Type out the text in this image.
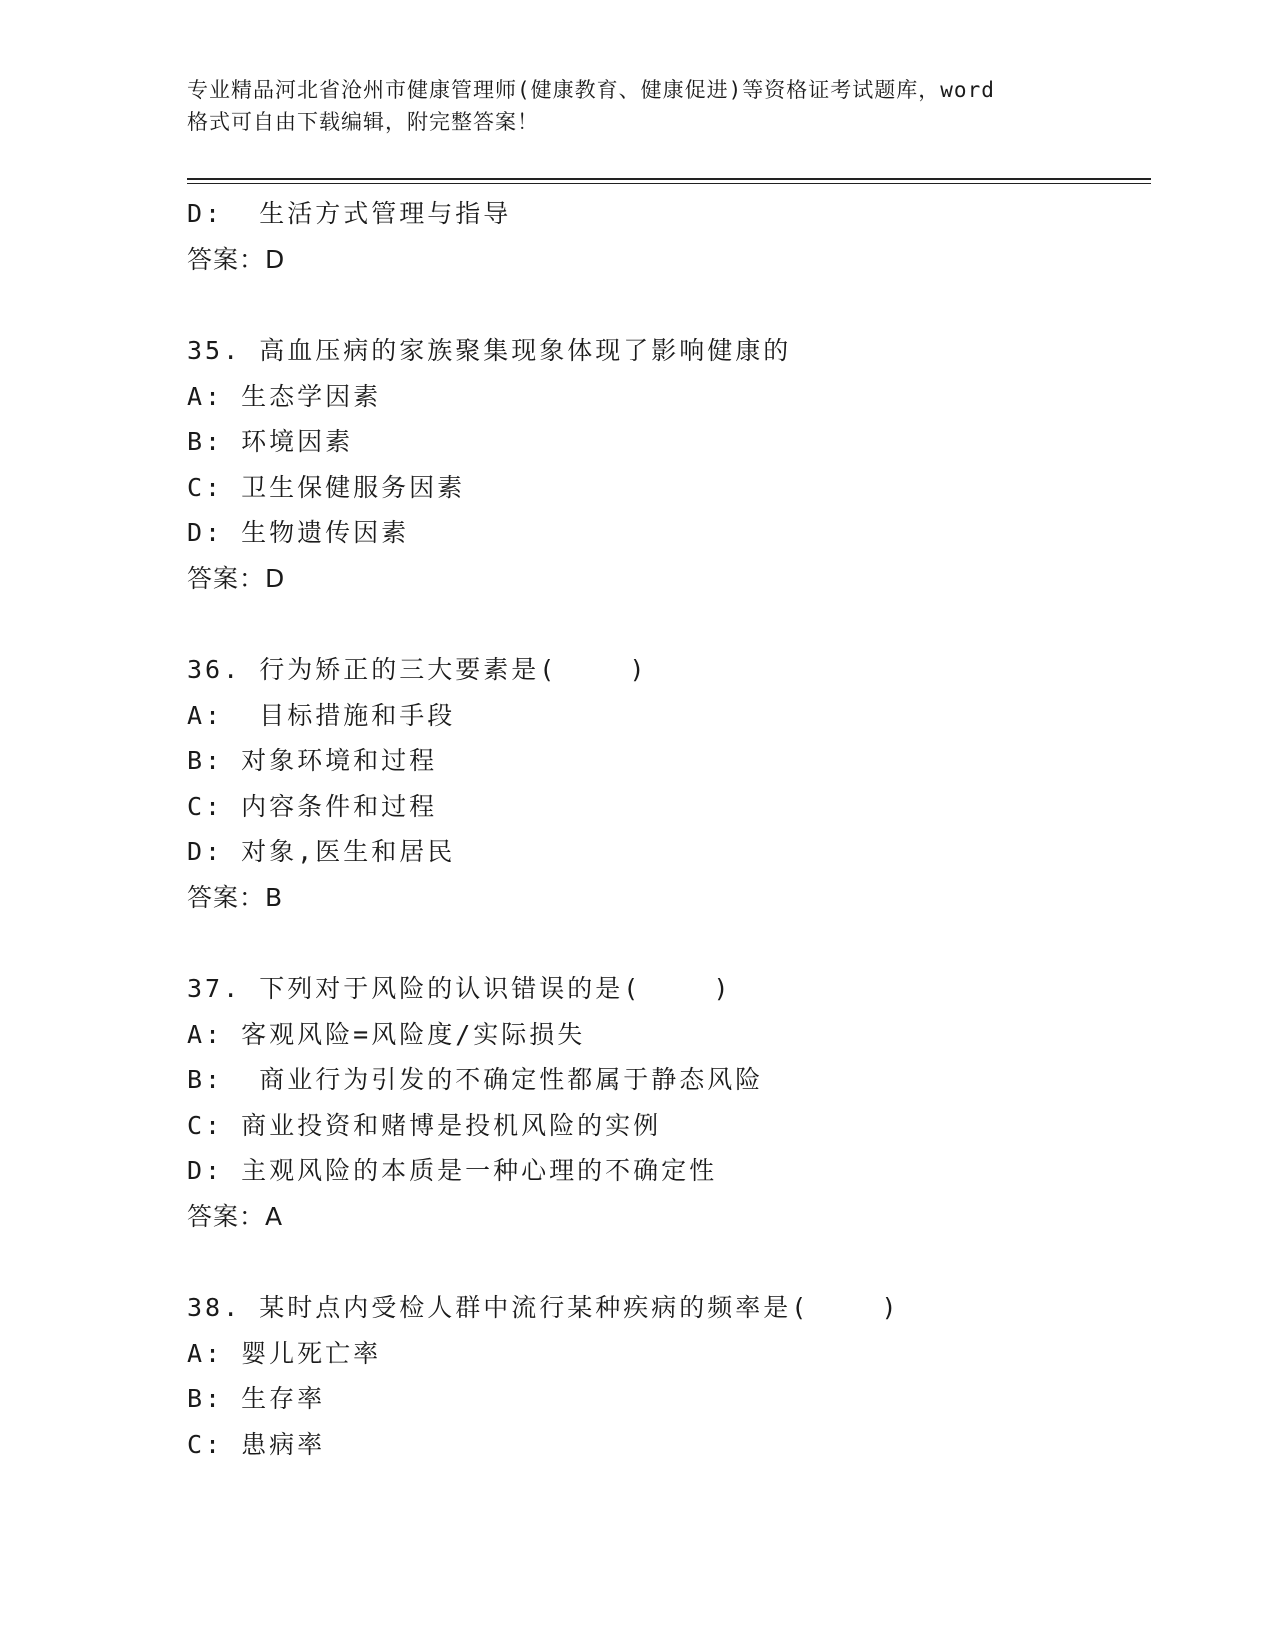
专业精品河北省沧州市健康管理师(健康教育、健康促进)等资格证考试题库，word
格式可自由下载编辑，附完整答案！
D:  生活方式管理与指导
答案：D
35. 高血压病的家族聚集现象体现了影响健康的
A: 生态学因素
B: 环境因素
C: 卫生保健服务因素
D: 生物遗传因素
答案：D
36. 行为矫正的三大要素是(    )
A:  目标措施和手段
B: 对象环境和过程
C: 内容条件和过程
D: 对象,医生和居民
答案：B
37. 下列对于风险的认识错误的是(    )
A: 客观风险=风险度/实际损失
B:  商业行为引发的不确定性都属于静态风险
C: 商业投资和赌博是投机风险的实例
D: 主观风险的本质是一种心理的不确定性
答案：A
38. 某时点内受检人群中流行某种疾病的频率是(    )
A: 婴儿死亡率
B: 生存率
C: 患病率
